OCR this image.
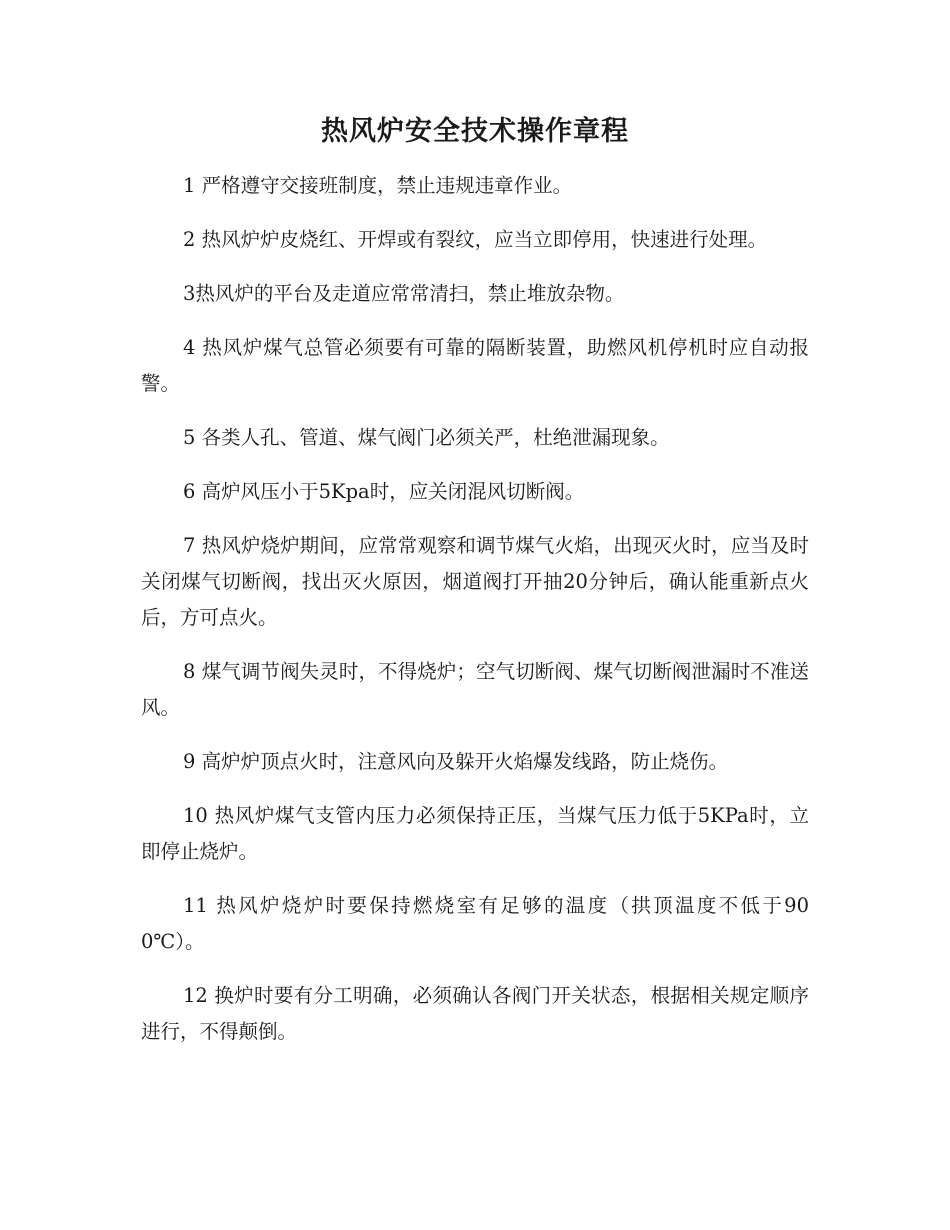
热风炉安全技术操作章程

1 严格遵守交接班制度，禁止违规违章作业。

2 热风炉炉皮烧红、开焊或有裂纹，应当立即停用，快速进行处理。

3热风炉的平台及走道应常常清扫，禁止堆放杂物。

4 热风炉煤气总管必须要有可靠的隔断装置，助燃风机停机时应自动报警。

5 各类人孔、管道、煤气阀门必须关严，杜绝泄漏现象。

6 高炉风压小于5Kpa时，应关闭混风切断阀。

7 热风炉烧炉期间，应常常观察和调节煤气火焰，出现灭火时，应当及时关闭煤气切断阀，找出灭火原因，烟道阀打开抽20分钟后，确认能重新点火后，方可点火。

8 煤气调节阀失灵时，不得烧炉；空气切断阀、煤气切断阀泄漏时不准送风。

9 高炉炉顶点火时，注意风向及躲开火焰爆发线路，防止烧伤。

10 热风炉煤气支管内压力必须保持正压，当煤气压力低于5KPa时，立即停止烧炉。

11 热风炉烧炉时要保持燃烧室有足够的温度（拱顶温度不低于900℃）。

12 换炉时要有分工明确，必须确认各阀门开关状态，根据相关规定顺序进行，不得颠倒。
